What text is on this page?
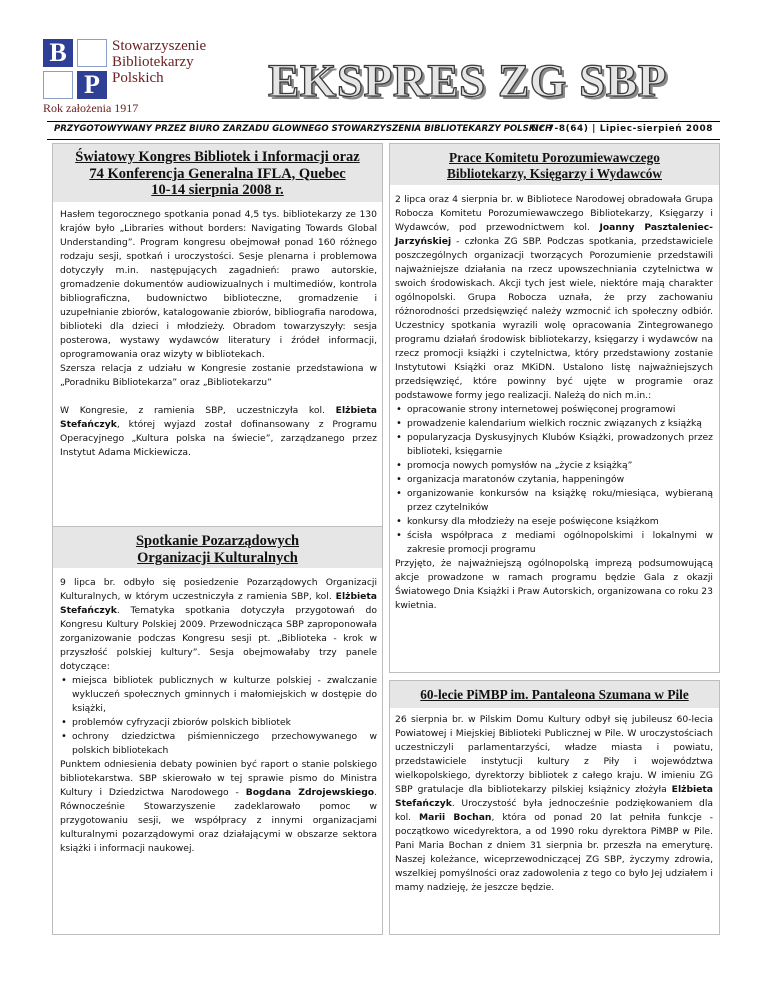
B
P
Stowarzyszenie
Bibliotekarzy
Polskich
Rok założenia 1917
EKSPRES ZG SBP
PRZYGOTOWYWANY PRZEZ BIURO ZARZADU GLOWNEGO STOWARZYSZENIA BIBLIOTEKARZY POLSKICH
Nr 7-8(64) | Lipiec-sierpień 2008
Światowy Kongres Bibliotek i Informacji oraz
74 Konferencja Generalna IFLA, Quebec
10-14 sierpnia 2008 r.

Hasłem tegorocznego spotkania ponad 4,5 tys. bibliotekarzy ze 130 krajów było „Libraries without borders: Navigating Towards Global Understanding”. Program kongresu obejmował ponad 160 różnego rodzaju sesji, spotkań i uroczystości. Sesje plenarna i problemowa dotyczyły m.in. następujących zagadnień: prawo autorskie, gromadzenie dokumentów audiowizualnych i multimediów, kontrola bibliograficzna, budownictwo biblioteczne, gromadzenie i uzupełnianie zbiorów, katalogowanie zbiorów, bibliografia narodowa, biblioteki dla dzieci i młodzieży. Obradom towarzyszyły: sesja posterowa, wystawy wydawców literatury i źródeł informacji, oprogramowania oraz wizyty w bibliotekach.

Szersza relacja z udziału w Kongresie zostanie przedstawiona w „Poradniku Bibliotekarza” oraz „Bibliotekarzu”

W Kongresie, z ramienia SBP, uczestniczyła kol. Elżbieta Stefańczyk, której wyjazd został dofinansowany z Programu Operacyjnego „Kultura polska na świecie”, zarządzanego przez Instytut Adama Mickiewicza.

Spotkanie Pozarządowych
Organizacji Kulturalnych

9 lipca br. odbyło się posiedzenie Pozarządowych Organizacji Kulturalnych, w którym uczestniczyła z ramienia SBP, kol. Elżbieta Stefańczyk. Tematyka spotkania dotyczyła przygotowań do Kongresu Kultury Polskiej 2009. Przewodnicząca SBP zaproponowała zorganizowanie podczas Kongresu sesji pt. „Biblioteka - krok w przyszłość polskiej kultury”. Sesja obejmowałaby trzy panele dotyczące:

• miejsca bibliotek publicznych w kulturze polskiej - zwalczanie wykluczeń społecznych gminnych i małomiejskich w dostępie do książki,
• problemów cyfryzacji zbiorów polskich bibliotek
• ochrony dziedzictwa piśmienniczego przechowywanego w polskich bibliotekach

Punktem odniesienia debaty powinien być raport o stanie polskiego bibliotekarstwa. SBP skierowało w tej sprawie pismo do Ministra Kultury i Dziedzictwa Narodowego - Bogdana Zdrojewskiego. Równocześnie Stowarzyszenie zadeklarowało pomoc w przygotowaniu sesji, we współpracy z innymi organizacjami kulturalnymi pozarządowymi oraz działającymi w obszarze sektora książki i informacji naukowej.

Prace Komitetu Porozumiewawczego
Bibliotekarzy, Księgarzy i Wydawców

2 lipca oraz 4 sierpnia br. w Bibliotece Narodowej obradowała Grupa Robocza Komitetu Porozumiewawczego Bibliotekarzy, Księgarzy i Wydawców, pod przewodnictwem kol. Joanny Pasztaleniec-Jarzyńskiej - członka ZG SBP. Podczas spotkania, przedstawiciele poszczególnych organizacji tworzących Porozumienie przedstawili najważniejsze działania na rzecz upowszechniania czytelnictwa w swoich środowiskach. Akcji tych jest wiele, niektóre mają charakter ogólnopolski. Grupa Robocza uznała, że przy zachowaniu różnorodności przedsięwzięć należy wzmocnić ich społeczny odbiór. Uczestnicy spotkania wyrazili wolę opracowania Zintegrowanego programu działań środowisk bibliotekarzy, księgarzy i wydawców na rzecz promocji książki i czytelnictwa, który przedstawiony zostanie Instytutowi Książki oraz MKiDN. Ustalono listę najważniejszych przedsięwzięć, które powinny być ujęte w programie oraz podstawowe formy jego realizacji. Należą do nich m.in.:

• opracowanie strony internetowej poświęconej programowi
• prowadzenie kalendarium wielkich rocznic związanych z książką
• popularyzacja Dyskusyjnych Klubów Książki, prowadzonych przez biblioteki, księgarnie
• promocja nowych pomysłów na „życie z książką”
• organizacja maratonów czytania, happeningów
• organizowanie konkursów na książkę roku/miesiąca, wybieraną przez czytelników
• konkursy dla młodzieży na eseje poświęcone książkom
• ścisła współpraca z mediami ogólnopolskimi i lokalnymi w zakresie promocji programu

Przyjęto, że najważniejszą ogólnopolską imprezą podsumowującą akcje prowadzone w ramach programu będzie Gala z okazji Światowego Dnia Książki i Praw Autorskich, organizowana co roku 23 kwietnia.

60-lecie PiMBP im. Pantaleona Szumana w Pile

26 sierpnia br. w Pilskim Domu Kultury odbył się jubileusz 60-lecia Powiatowej i Miejskiej Biblioteki Publicznej w Pile. W uroczystościach uczestniczyli parlamentarzyści, władze miasta i powiatu, przedstawiciele instytucji kultury z Piły i województwa wielkopolskiego, dyrektorzy bibliotek z całego kraju. W imieniu ZG SBP gratulacje dla bibliotekarzy pilskiej książnicy złożyła Elżbieta Stefańczyk. Uroczystość była jednocześnie podziękowaniem dla kol. Marii Bochan, która od ponad 20 lat pełniła funkcje - początkowo wicedyrektora, a od 1990 roku dyrektora PiMBP w Pile. Pani Maria Bochan z dniem 31 sierpnia br. przeszła na emeryturę. Naszej koleżance, wiceprzewodniczącej ZG SBP, życzymy zdrowia, wszelkiej pomyślności oraz zadowolenia z tego co było Jej udziałem i mamy nadzieję, że jeszcze będzie.
